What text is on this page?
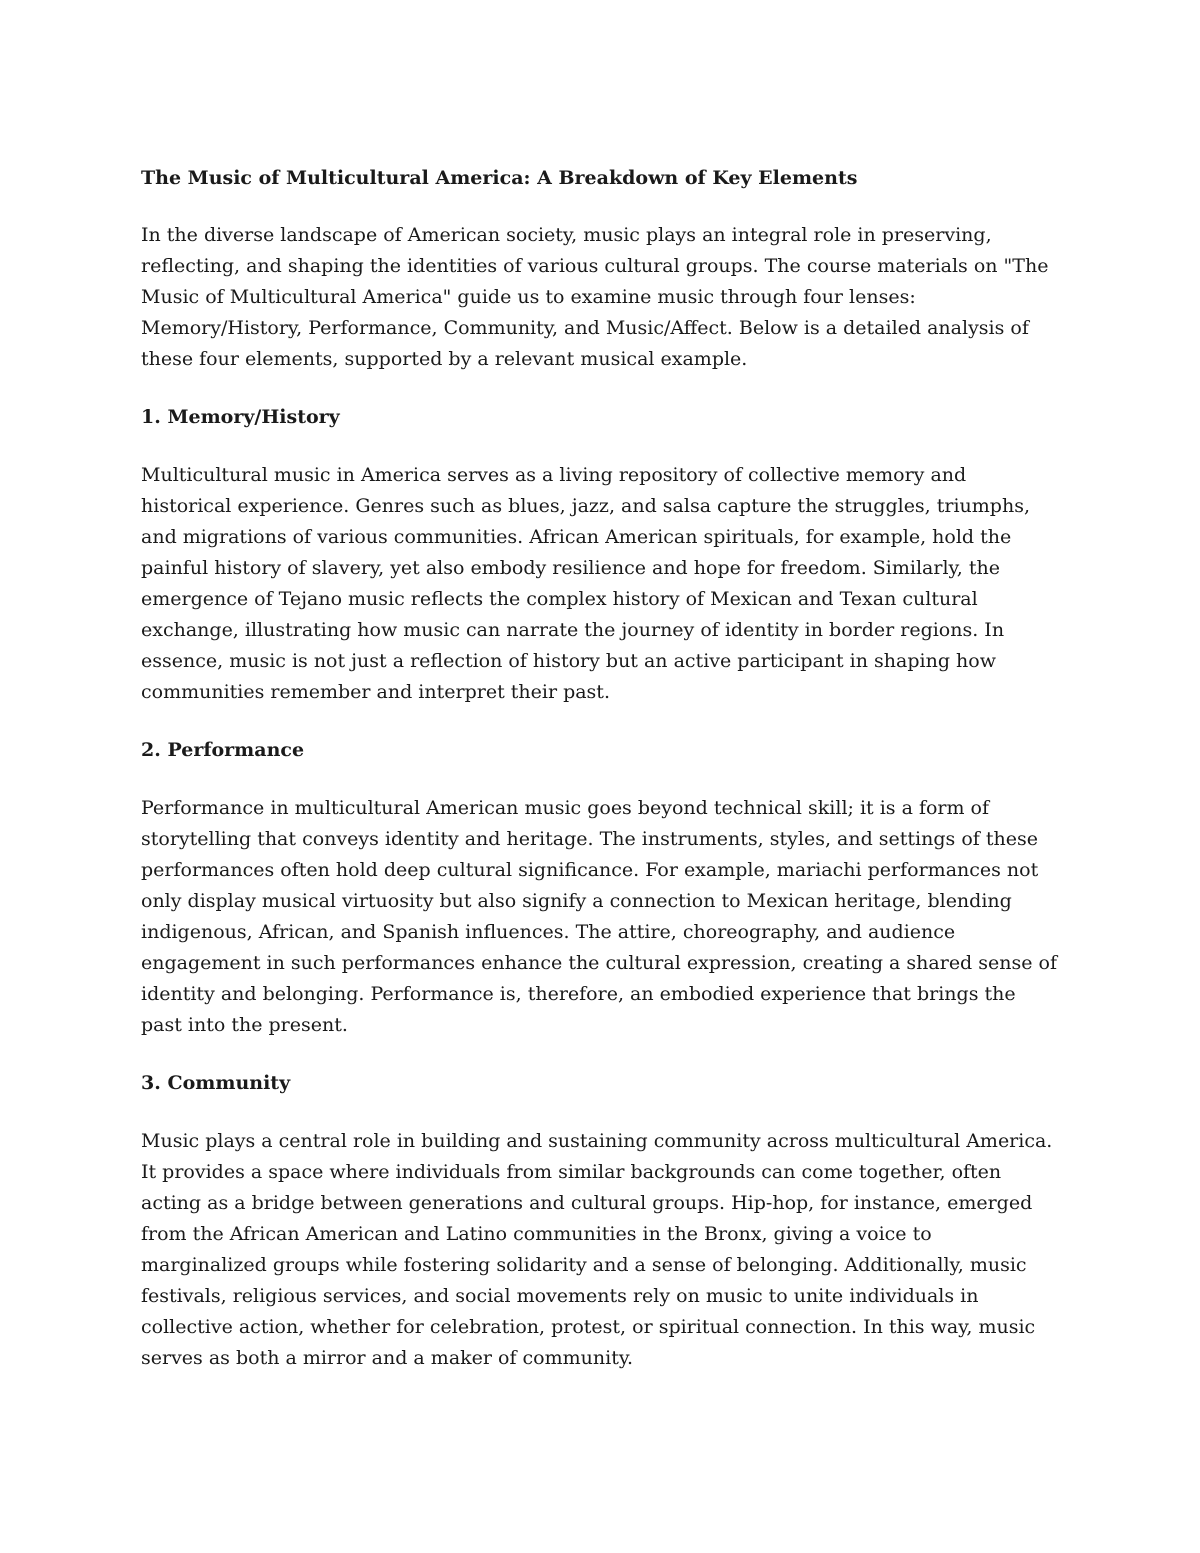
The Music of Multicultural America: A Breakdown of Key Elements
In the diverse landscape of American society, music plays an integral role in preserving, reflecting, and shaping the identities of various cultural groups. The course materials on "The Music of Multicultural America" guide us to examine music through four lenses: Memory/History, Performance, Community, and Music/Affect. Below is a detailed analysis of these four elements, supported by a relevant musical example.
1. Memory/History
Multicultural music in America serves as a living repository of collective memory and historical experience. Genres such as blues, jazz, and salsa capture the struggles, triumphs, and migrations of various communities. African American spirituals, for example, hold the painful history of slavery, yet also embody resilience and hope for freedom. Similarly, the emergence of Tejano music reflects the complex history of Mexican and Texan cultural exchange, illustrating how music can narrate the journey of identity in border regions. In essence, music is not just a reflection of history but an active participant in shaping how communities remember and interpret their past.
2. Performance
Performance in multicultural American music goes beyond technical skill; it is a form of storytelling that conveys identity and heritage. The instruments, styles, and settings of these performances often hold deep cultural significance. For example, mariachi performances not only display musical virtuosity but also signify a connection to Mexican heritage, blending indigenous, African, and Spanish influences. The attire, choreography, and audience engagement in such performances enhance the cultural expression, creating a shared sense of identity and belonging. Performance is, therefore, an embodied experience that brings the past into the present.
3. Community
Music plays a central role in building and sustaining community across multicultural America. It provides a space where individuals from similar backgrounds can come together, often acting as a bridge between generations and cultural groups. Hip-hop, for instance, emerged from the African American and Latino communities in the Bronx, giving a voice to marginalized groups while fostering solidarity and a sense of belonging. Additionally, music festivals, religious services, and social movements rely on music to unite individuals in collective action, whether for celebration, protest, or spiritual connection. In this way, music serves as both a mirror and a maker of community.
